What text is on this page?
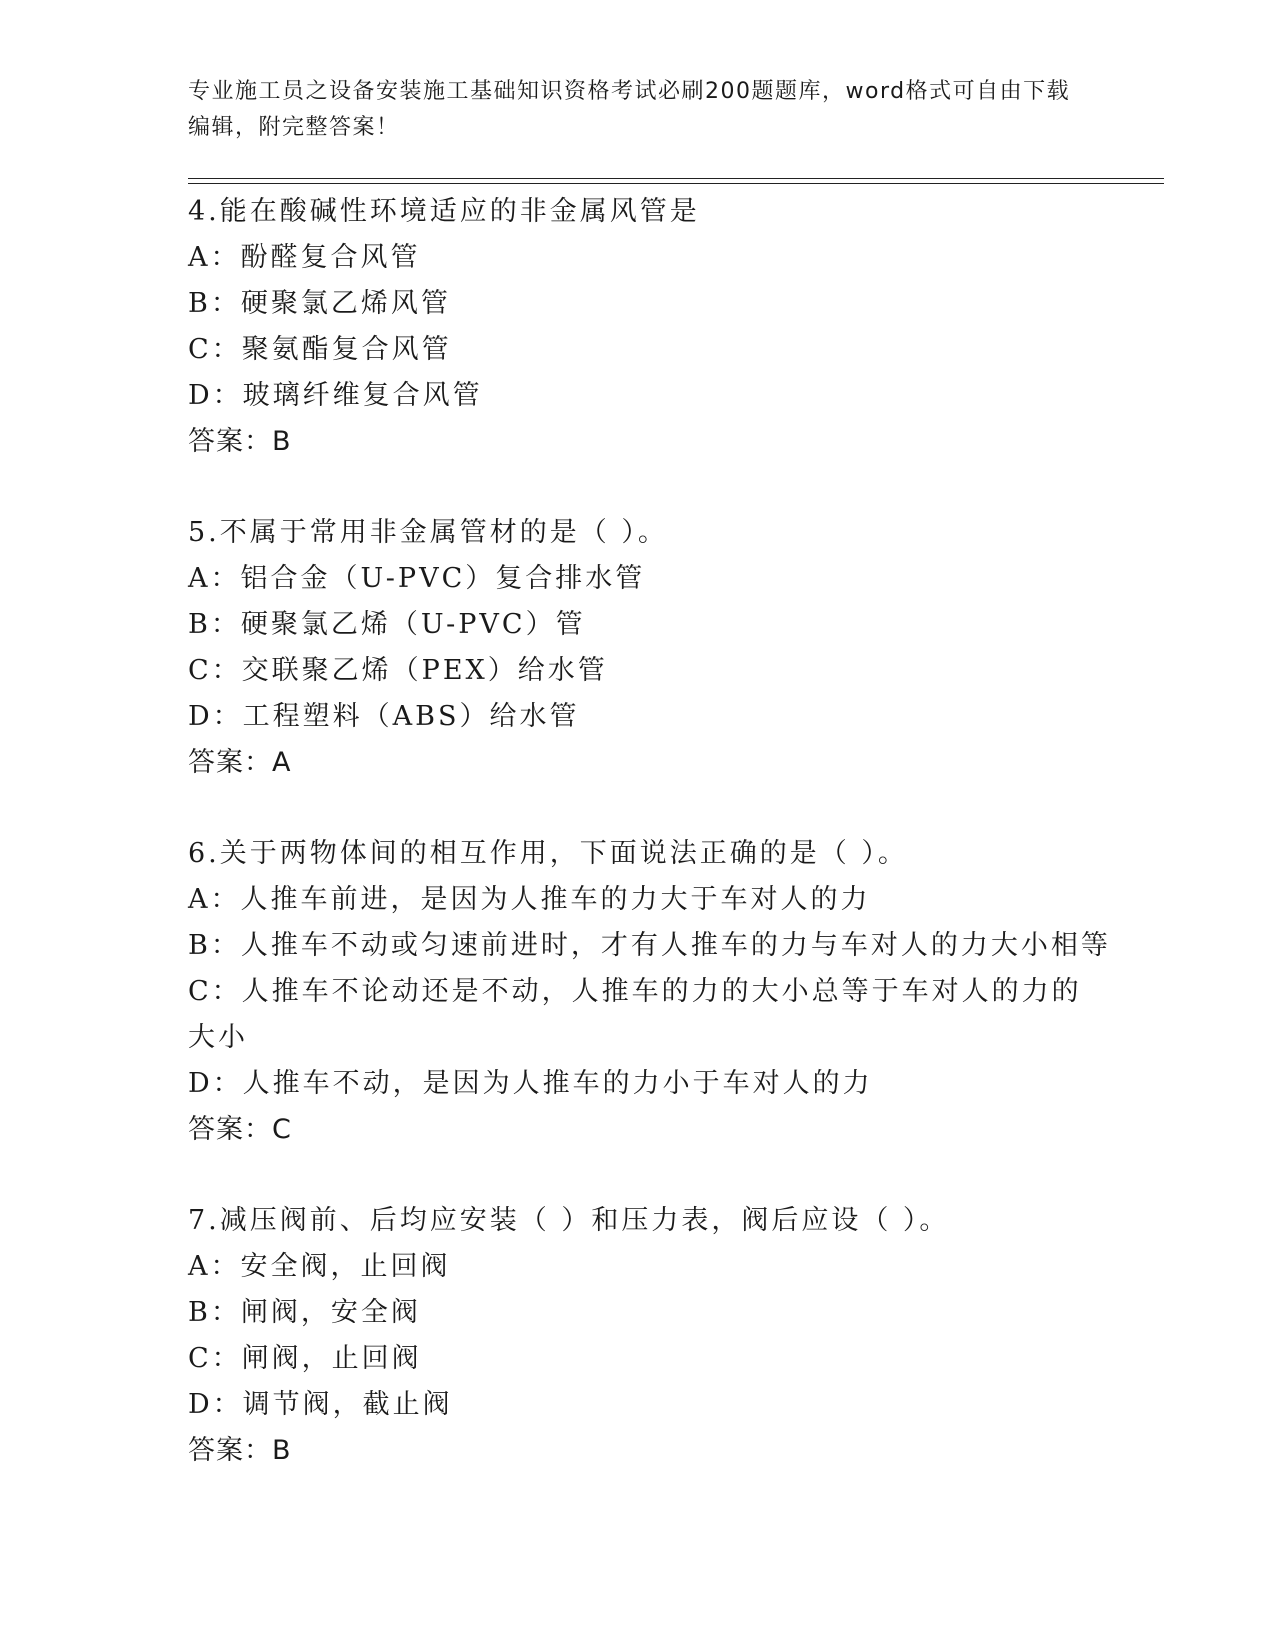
专业施工员之设备安装施工基础知识资格考试必刷200题题库，word格式可自由下载编辑，附完整答案！
4.能在酸碱性环境适应的非金属风管是
A：酚醛复合风管
B：硬聚氯乙烯风管
C：聚氨酯复合风管
D：玻璃纤维复合风管
答案：B
5.不属于常用非金属管材的是（ ）。
A：铝合金（U-PVC）复合排水管
B：硬聚氯乙烯（U-PVC）管
C：交联聚乙烯（PEX）给水管
D：工程塑料（ABS）给水管
答案：A
6.关于两物体间的相互作用，下面说法正确的是（ ）。
A：人推车前进，是因为人推车的力大于车对人的力
B：人推车不动或匀速前进时，才有人推车的力与车对人的力大小相等
C：人推车不论动还是不动，人推车的力的大小总等于车对人的力的大小
D：人推车不动，是因为人推车的力小于车对人的力
答案：C
7.减压阀前、后均应安装（ ）和压力表，阀后应设（ ）。
A：安全阀，止回阀
B：闸阀，安全阀
C：闸阀，止回阀
D：调节阀，截止阀
答案：B
